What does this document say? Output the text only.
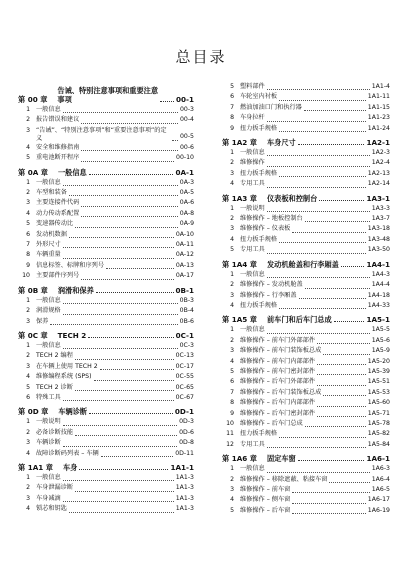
总目录
第 00 章
告诫、特别注意事项和重要注意
事项	00-1
1 一般信息	00-3
2 报告错误和建议	00-4
3 “告诫”、“特别注意事项”和“重要注意事项”的定义	00-5
4 安全和维修指南	00-6
5 重电池断开程序	00-10
第 0A 章 一般信息	0A-1
1 一般信息	0A-3
2 车型和装备	0A-5
3 主要连接件代码	0A-6
4 动力传动系配置	0A-8
5 变速器传动比	0A-9
6 发动机数据	0A-10
7 外形尺寸	0A-11
8 车辆重量	0A-12
9 信息标签、标牌和序列号	0A-13
10 主要部件序列号	0A-17
第 0B 章 润滑和保养	0B-1
1 一般信息	0B-3
2 润滑规格	0B-4
3 保养	0B-6
第 0C 章 TECH 2	0C-1
1 一般信息	0C-3
2 TECH 2 编程	0C-13
3 在车辆上使用 TECH 2	0C-17
4 维修编程系统 (SPS)	0C-55
5 TECH 2 诊断	0C-65
6 特殊工具	0C-67
第 0D 章 车辆诊断	0D-1
1 一般说明	0D-3
2 必备诊断技能	0D-6
3 车辆诊断	0D-8
4 故障诊断码列表 – 车辆	0D-11
第 1A1 章 车身	1A1-1
1 一般信息	1A1-3
2 车身泄漏诊断	1A1-3
3 车身减滴	1A1-3
4 锁芯和钥匙	1A1-3
5 塑料部件	1A1-4
6 车轮室内衬板	1A1-11
7 燃油加油口门和执行器	1A1-15
8 车身拉杆	1A1-23
9 扭力扳手规格	1A1-24
第 1A2 章 车身尺寸	1A2-1
1 一般信息	1A2-3
2 维修操作	1A2-4
3 扭力扳手规格	1A2-13
4 专用工具	1A2-14
第 1A3 章 仪表板和控制台	1A3-1
1 一般说明	1A3-3
2 维修操作 – 地板控制台	1A3-7
3 维修操作 – 仪表板	1A3-18
4 扭力扳手规格	1A3-48
5 专用工具	1A3-50
第 1A4 章 发动机舱盖和行李厢盖	1A4-1
1 一般信息	1A4-3
2 维修操作 – 发动机舱盖	1A4-4
3 维修操作 – 行李厢盖	1A4-18
4 扭力扳手规格	1A4-33
第 1A5 章 前车门和后车门总成	1A5-1
1 一般信息	1A5-5
2 维修操作 – 前车门外部部件	1A5-6
3 维修操作 – 前车门装饰板总成	1A5-9
4 维修操作 – 前车门内部部件	1A5-20
5 维修操作 – 前车门密封部件	1A5-39
6 维修操作 – 后车门外部部件	1A5-51
7 维修操作 – 后车门装饰板总成	1A5-53
8 维修操作 – 后车门内部部件	1A5-60
9 维修操作 – 后车门密封部件	1A5-71
10 维修操作 – 后车门总成	1A5-78
11 扭力扳手规格	1A5-82
12 专用工具	1A5-84
第 1A6 章 固定车窗	1A6-1
1 一般信息	1A6-3
2 维修操作 – 移除遮蔽、粘接车窗	1A6-4
3 维修操作 – 前车窗	1A6-5
4 维修操作 – 侧车窗	1A6-17
5 维修操作 – 后车窗	1A6-19
